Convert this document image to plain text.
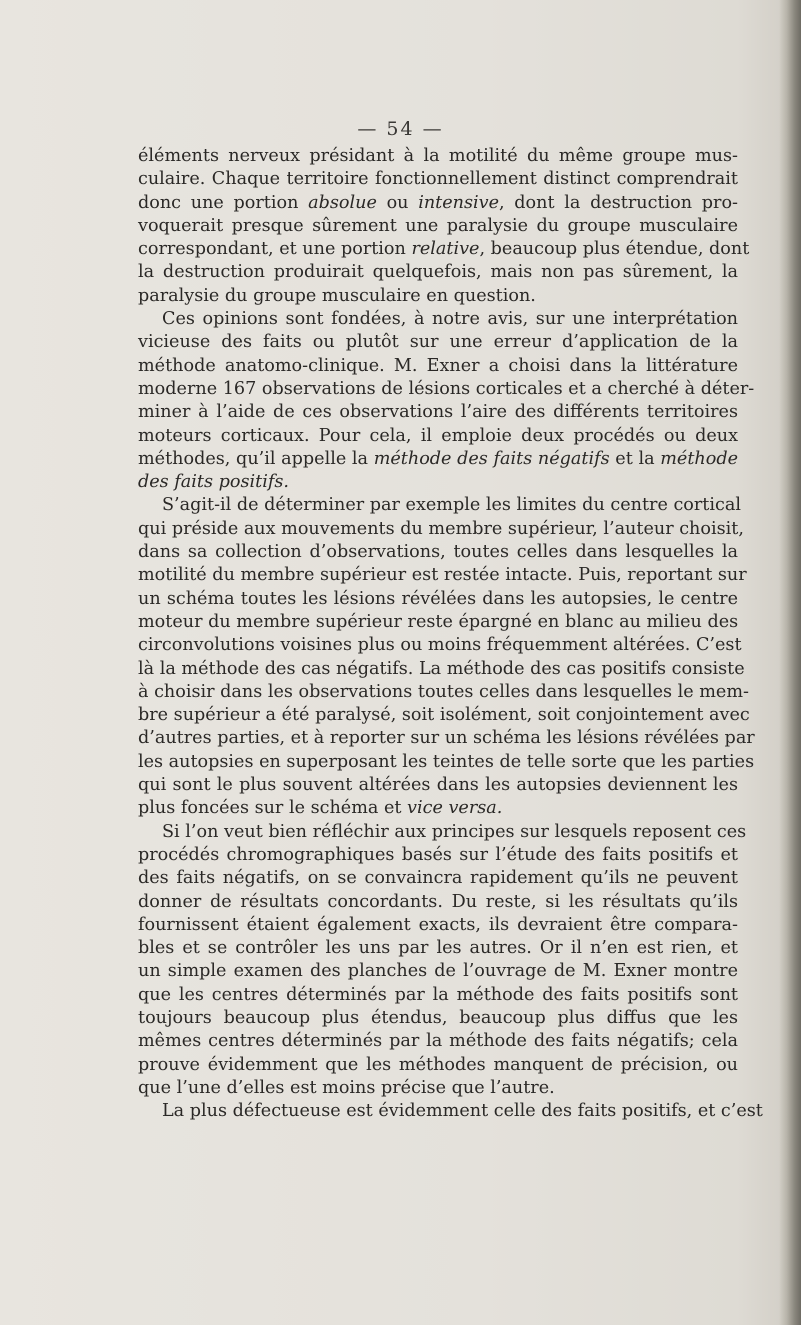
— 54 —
éléments nerveux présidant à la motilité du même groupe mus-
culaire. Chaque territoire fonctionnellement distinct comprendrait
donc une portion absolue ou intensive, dont la destruction pro-
voquerait presque sûrement une paralysie du groupe musculaire
correspondant, et une portion relative, beaucoup plus étendue, dont
la destruction produirait quelquefois, mais non pas sûrement, la
paralysie du groupe musculaire en question.
Ces opinions sont fondées, à notre avis, sur une interprétation
vicieuse des faits ou plutôt sur une erreur d’application de la
méthode anatomo-clinique. M. Exner a choisi dans la littérature
moderne 167 observations de lésions corticales et a cherché à déter-
miner à l’aide de ces observations l’aire des différents territoires
moteurs corticaux. Pour cela, il emploie deux procédés ou deux
méthodes, qu’il appelle la méthode des faits négatifs et la méthode
des faits positifs.
S’agit-il de déterminer par exemple les limites du centre cortical
qui préside aux mouvements du membre supérieur, l’auteur choisit,
dans sa collection d’observations, toutes celles dans lesquelles la
motilité du membre supérieur est restée intacte. Puis, reportant sur
un schéma toutes les lésions révélées dans les autopsies, le centre
moteur du membre supérieur reste épargné en blanc au milieu des
circonvolutions voisines plus ou moins fréquemment altérées. C’est
là la méthode des cas négatifs. La méthode des cas positifs consiste
à choisir dans les observations toutes celles dans lesquelles le mem-
bre supérieur a été paralysé, soit isolément, soit conjointement avec
d’autres parties, et à reporter sur un schéma les lésions révélées par
les autopsies en superposant les teintes de telle sorte que les parties
qui sont le plus souvent altérées dans les autopsies deviennent les
plus foncées sur le schéma et vice versa.
Si l’on veut bien réfléchir aux principes sur lesquels reposent ces
procédés chromographiques basés sur l’étude des faits positifs et
des faits négatifs, on se convaincra rapidement qu’ils ne peuvent
donner de résultats concordants. Du reste, si les résultats qu’ils
fournissent étaient également exacts, ils devraient être compara-
bles et se contrôler les uns par les autres. Or il n’en est rien, et
un simple examen des planches de l’ouvrage de M. Exner montre
que les centres déterminés par la méthode des faits positifs sont
toujours beaucoup plus étendus, beaucoup plus diffus que les
mêmes centres déterminés par la méthode des faits négatifs; cela
prouve évidemment que les méthodes manquent de précision, ou
que l’une d’elles est moins précise que l’autre.
La plus défectueuse est évidemment celle des faits positifs, et c’est
